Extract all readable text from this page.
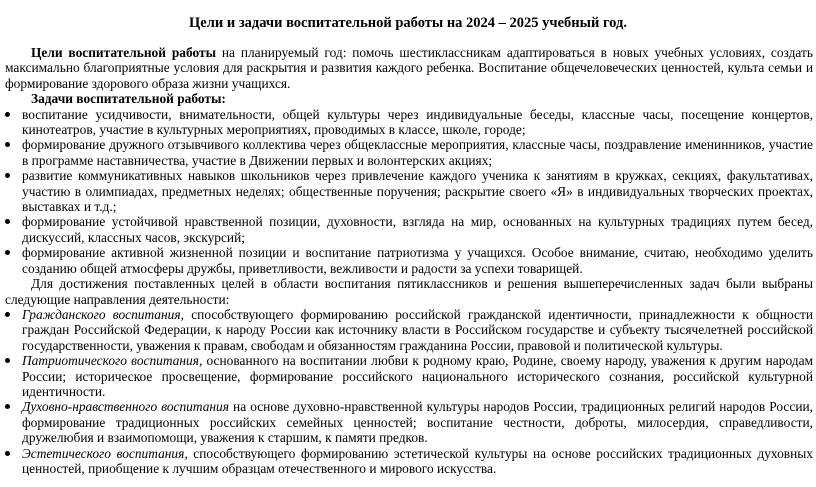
Цели и задачи воспитательной работы на 2024 – 2025 учебный год.

Цели воспитательной работы на планируемый год: помочь шестиклассникам адаптироваться в новых учебных условиях, создать максимально благоприятные условия для раскрытия и развития каждого ребенка. Воспитание общечеловеческих ценностей, культа семьи и формирование здорового образа жизни учащихся.

Задачи воспитательной работы:

воспитание усидчивости, внимательности, общей культуры через индивидуальные беседы, классные часы, посещение концертов, кинотеатров, участие в культурных мероприятиях, проводимых в классе, школе, городе;
формирование дружного отзывчивого коллектива через общеклассные мероприятия, классные часы, поздравление именинников, участие в программе наставничества, участие в Движении первых и волонтерских акциях;
развитие коммуникативных навыков школьников через привлечение каждого ученика к занятиям в кружках, секциях, факультативах, участию в олимпиадах, предметных неделях; общественные поручения; раскрытие своего «Я» в индивидуальных творческих проектах, выставках и т.д.;
формирование устойчивой нравственной позиции, духовности, взгляда на мир, основанных на культурных традициях путем бесед, дискуссий, классных часов, экскурсий;
формирование активной жизненной позиции и воспитание патриотизма у учащихся. Особое внимание, считаю, необходимо уделить созданию общей атмосферы дружбы, приветливости, вежливости и радости за успехи товарищей.

Для достижения поставленных целей в области воспитания пятиклассников и решения вышеперечисленных задач были выбраны следующие направления деятельности:

Гражданского воспитания, способствующего формированию российской гражданской идентичности, принадлежности к общности граждан Российской Федерации, к народу России как источнику власти в Российском государстве и субъекту тысячелетней российской государственности, уважения к правам, свободам и обязанностям гражданина России, правовой и политической культуры.
Патриотического воспитания, основанного на воспитании любви к родному краю, Родине, своему народу, уважения к другим народам России; историческое просвещение, формирование российского национального исторического сознания, российской культурной идентичности.
Духовно-нравственного воспитания на основе духовно-нравственной культуры народов России, традиционных религий народов России, формирование традиционных российских семейных ценностей; воспитание честности, доброты, милосердия, справедливости, дружелюбия и взаимопомощи, уважения к старшим, к памяти предков.
Эстетического воспитания, способствующего формированию эстетической культуры на основе российских традиционных духовных ценностей, приобщение к лучшим образцам отечественного и мирового искусства.
